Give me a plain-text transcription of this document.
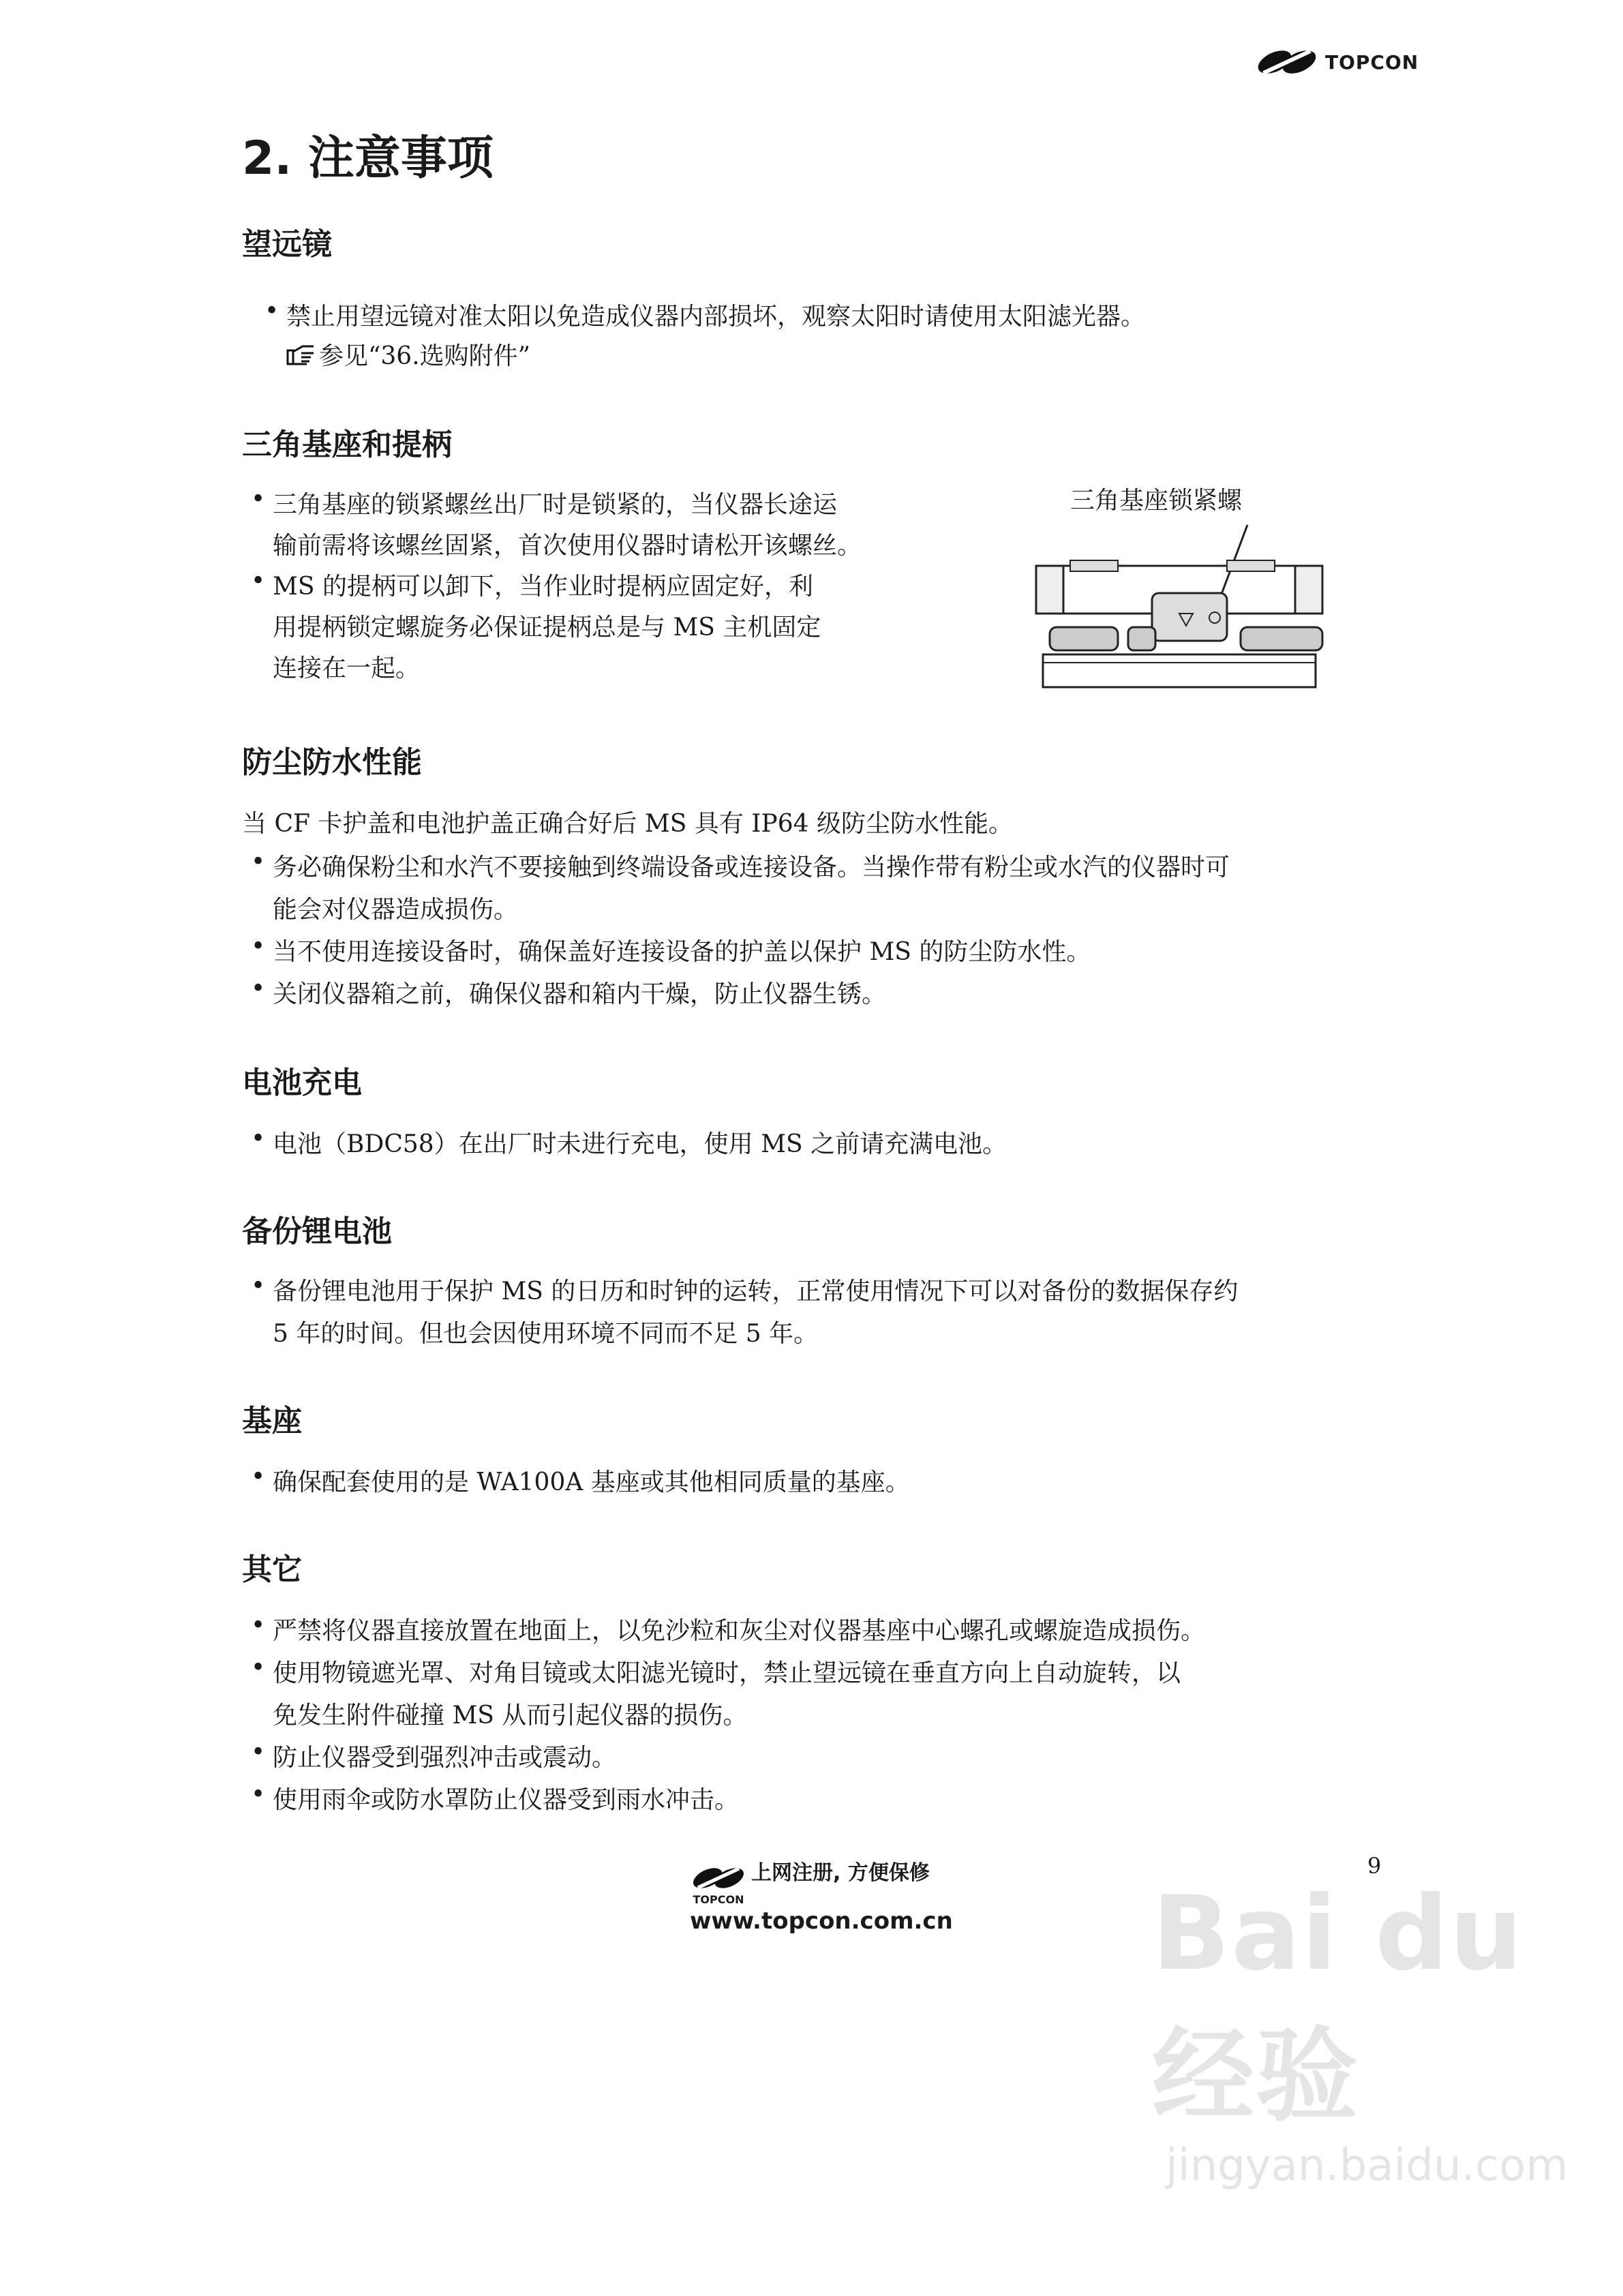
TOPCON
2. 注意事项
望远镜
• 禁止用望远镜对准太阳以免造成仪器内部损坏，观察太阳时请使用太阳滤光器。
参见“36.选购附件”
三角基座和提柄
• 三角基座的锁紧螺丝出厂时是锁紧的，当仪器长途运
输前需将该螺丝固紧，首次使用仪器时请松开该螺丝。
• MS 的提柄可以卸下，当作业时提柄应固定好，利
用提柄锁定螺旋务必保证提柄总是与 MS 主机固定
连接在一起。
三角基座锁紧螺
防尘防水性能
当 CF 卡护盖和电池护盖正确合好后 MS 具有 IP64 级防尘防水性能。
• 务必确保粉尘和水汽不要接触到终端设备或连接设备。当操作带有粉尘或水汽的仪器时可
能会对仪器造成损伤。
• 当不使用连接设备时，确保盖好连接设备的护盖以保护 MS 的防尘防水性。
• 关闭仪器箱之前，确保仪器和箱内干燥，防止仪器生锈。
电池充电
• 电池（BDC58）在出厂时未进行充电，使用 MS 之前请充满电池。
备份锂电池
• 备份锂电池用于保护 MS 的日历和时钟的运转，正常使用情况下可以对备份的数据保存约
5 年的时间。但也会因使用环境不同而不足 5 年。
基座
• 确保配套使用的是 WA100A 基座或其他相同质量的基座。
其它
• 严禁将仪器直接放置在地面上，以免沙粒和灰尘对仪器基座中心螺孔或螺旋造成损伤。
• 使用物镜遮光罩、对角目镜或太阳滤光镜时，禁止望远镜在垂直方向上自动旋转，以
免发生附件碰撞 MS 从而引起仪器的损伤。
• 防止仪器受到强烈冲击或震动。
• 使用雨伞或防水罩防止仪器受到雨水冲击。
9
TOPCON
上网注册, 方便保修
www.topcon.com.cn Bai du 经验
jingyan.baidu.com
